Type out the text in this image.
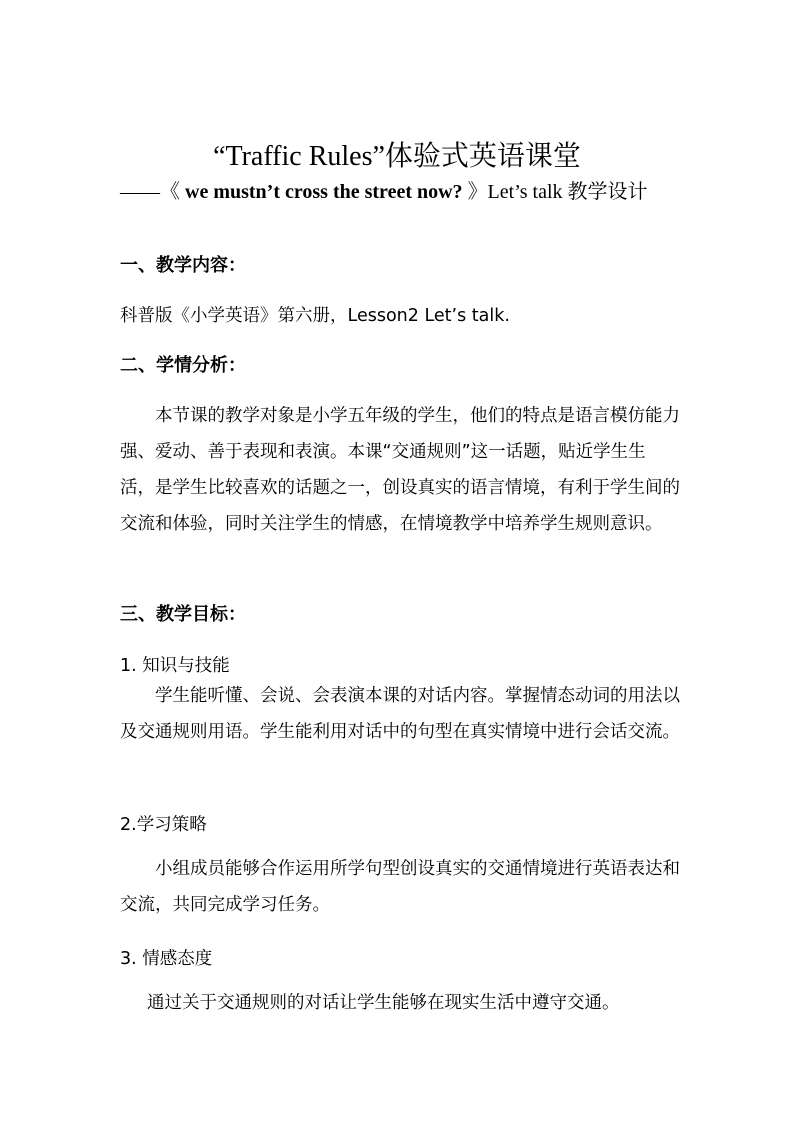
“Traffic Rules”体验式英语课堂
——《 we mustn’t cross the street now? 》Let’s talk 教学设计
一、教学内容：
科普版《小学英语》第六册，Lesson2 Let’s talk.
二、学情分析：
本节课的教学对象是小学五年级的学生，他们的特点是语言模仿能力强、爱动、善于表现和表演。本课“交通规则”这一话题，贴近学生生活，是学生比较喜欢的话题之一，创设真实的语言情境，有利于学生间的交流和体验，同时关注学生的情感，在情境教学中培养学生规则意识。
三、教学目标：
1. 知识与技能
学生能听懂、会说、会表演本课的对话内容。掌握情态动词的用法以及交通规则用语。学生能利用对话中的句型在真实情境中进行会话交流。
2.学习策略
小组成员能够合作运用所学句型创设真实的交通情境进行英语表达和交流，共同完成学习任务。
3. 情感态度
通过关于交通规则的对话让学生能够在现实生活中遵守交通。
